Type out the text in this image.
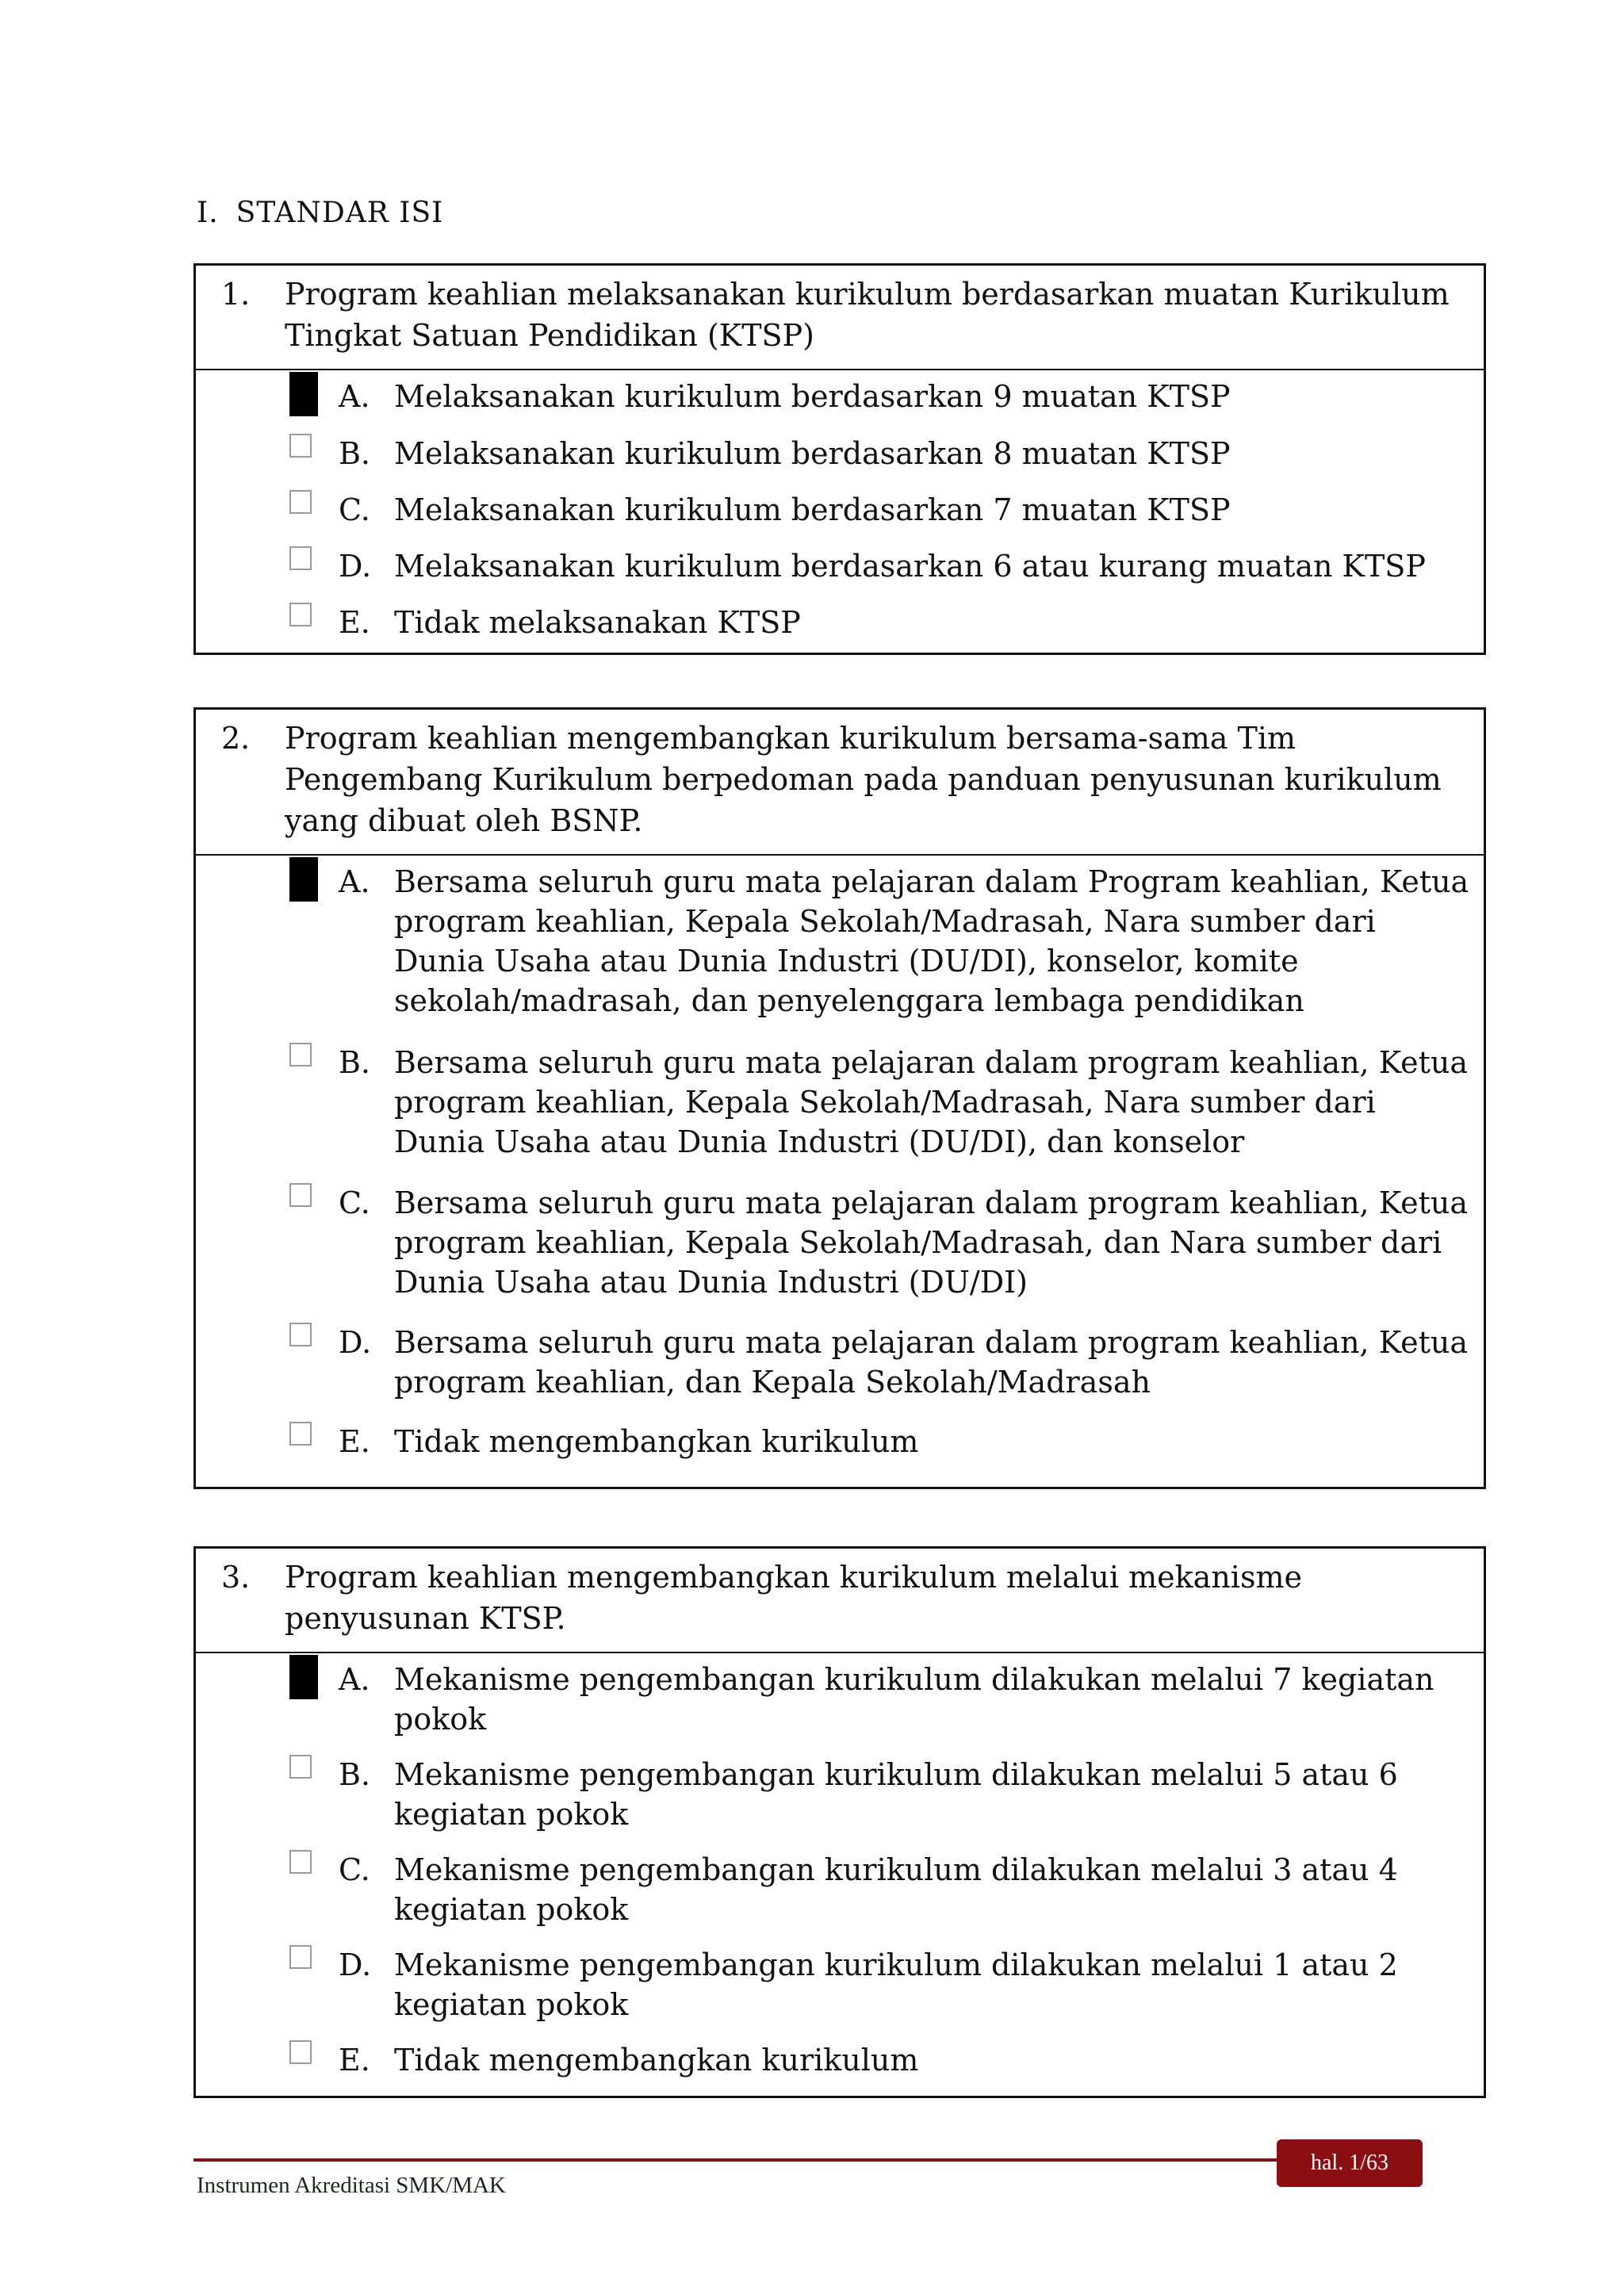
I. STANDAR ISI
1. Program keahlian melaksanakan kurikulum berdasarkan muatan Kurikulum Tingkat Satuan Pendidikan (KTSP)
A. Melaksanakan kurikulum berdasarkan 9 muatan KTSP
B. Melaksanakan kurikulum berdasarkan 8 muatan KTSP
C. Melaksanakan kurikulum berdasarkan 7 muatan KTSP
D. Melaksanakan kurikulum berdasarkan 6 atau kurang muatan KTSP
E. Tidak melaksanakan KTSP
2. Program keahlian mengembangkan kurikulum bersama-sama Tim Pengembang Kurikulum berpedoman pada panduan penyusunan kurikulum yang dibuat oleh BSNP.
A. Bersama seluruh guru mata pelajaran dalam Program keahlian, Ketua program keahlian, Kepala Sekolah/Madrasah, Nara sumber dari Dunia Usaha atau Dunia Industri (DU/DI), konselor, komite sekolah/madrasah, dan penyelenggara lembaga pendidikan
B. Bersama seluruh guru mata pelajaran dalam program keahlian, Ketua program keahlian, Kepala Sekolah/Madrasah, Nara sumber dari Dunia Usaha atau Dunia Industri (DU/DI), dan konselor
C. Bersama seluruh guru mata pelajaran dalam program keahlian, Ketua program keahlian, Kepala Sekolah/Madrasah, dan Nara sumber dari Dunia Usaha atau Dunia Industri (DU/DI)
D. Bersama seluruh guru mata pelajaran dalam program keahlian, Ketua program keahlian, dan Kepala Sekolah/Madrasah
E. Tidak mengembangkan kurikulum
3. Program keahlian mengembangkan kurikulum melalui mekanisme penyusunan KTSP.
A. Mekanisme pengembangan kurikulum dilakukan melalui 7 kegiatan pokok
B. Mekanisme pengembangan kurikulum dilakukan melalui 5 atau 6 kegiatan pokok
C. Mekanisme pengembangan kurikulum dilakukan melalui 3 atau 4 kegiatan pokok
D. Mekanisme pengembangan kurikulum dilakukan melalui 1 atau 2 kegiatan pokok
E. Tidak mengembangkan kurikulum
hal. 1/63
Instrumen Akreditasi SMK/MAK
